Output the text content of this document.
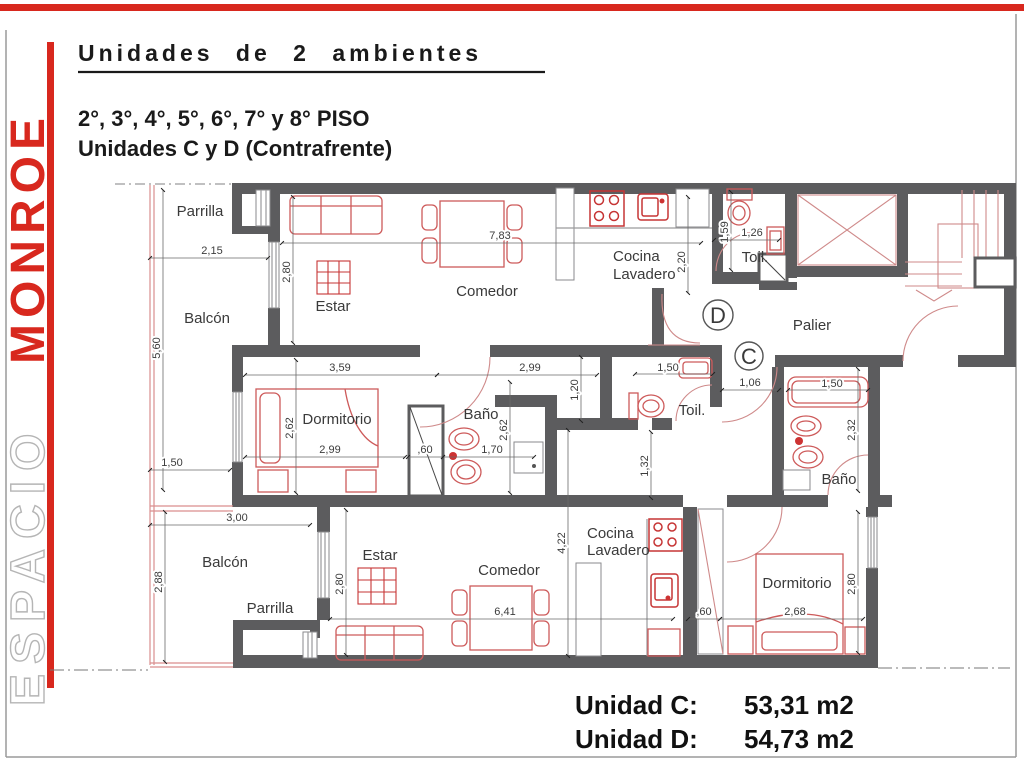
MONROE
ESPACIO
Unidades de 2 ambientes
2°, 3°, 4°, 5°, 6°, 7° y 8° PISO
Unidades C y D (Contrafrente)
2,15
5,60
2,80
7,83	1,59 1,26
2,20
3,59	2,99
2,99
2,62	2,62
1,50
,60	1,70
1,20
1,50
1,06	1,50
2,32
1,32
3,00
2,88	2,80
6,41
4,22
,60	2,68
2,80
Parrilla
Balcón
Estar
Comedor
Cocina
Lavadero
Toil.
Palier
Dormitorio	Baño	Toil.
Baño
Balcón
Parrilla
Estar
Comedor
Cocina
Lavadero
Dormitorio
D
C
Unidad C: 53,31 m2
Unidad D: 54,73 m2
